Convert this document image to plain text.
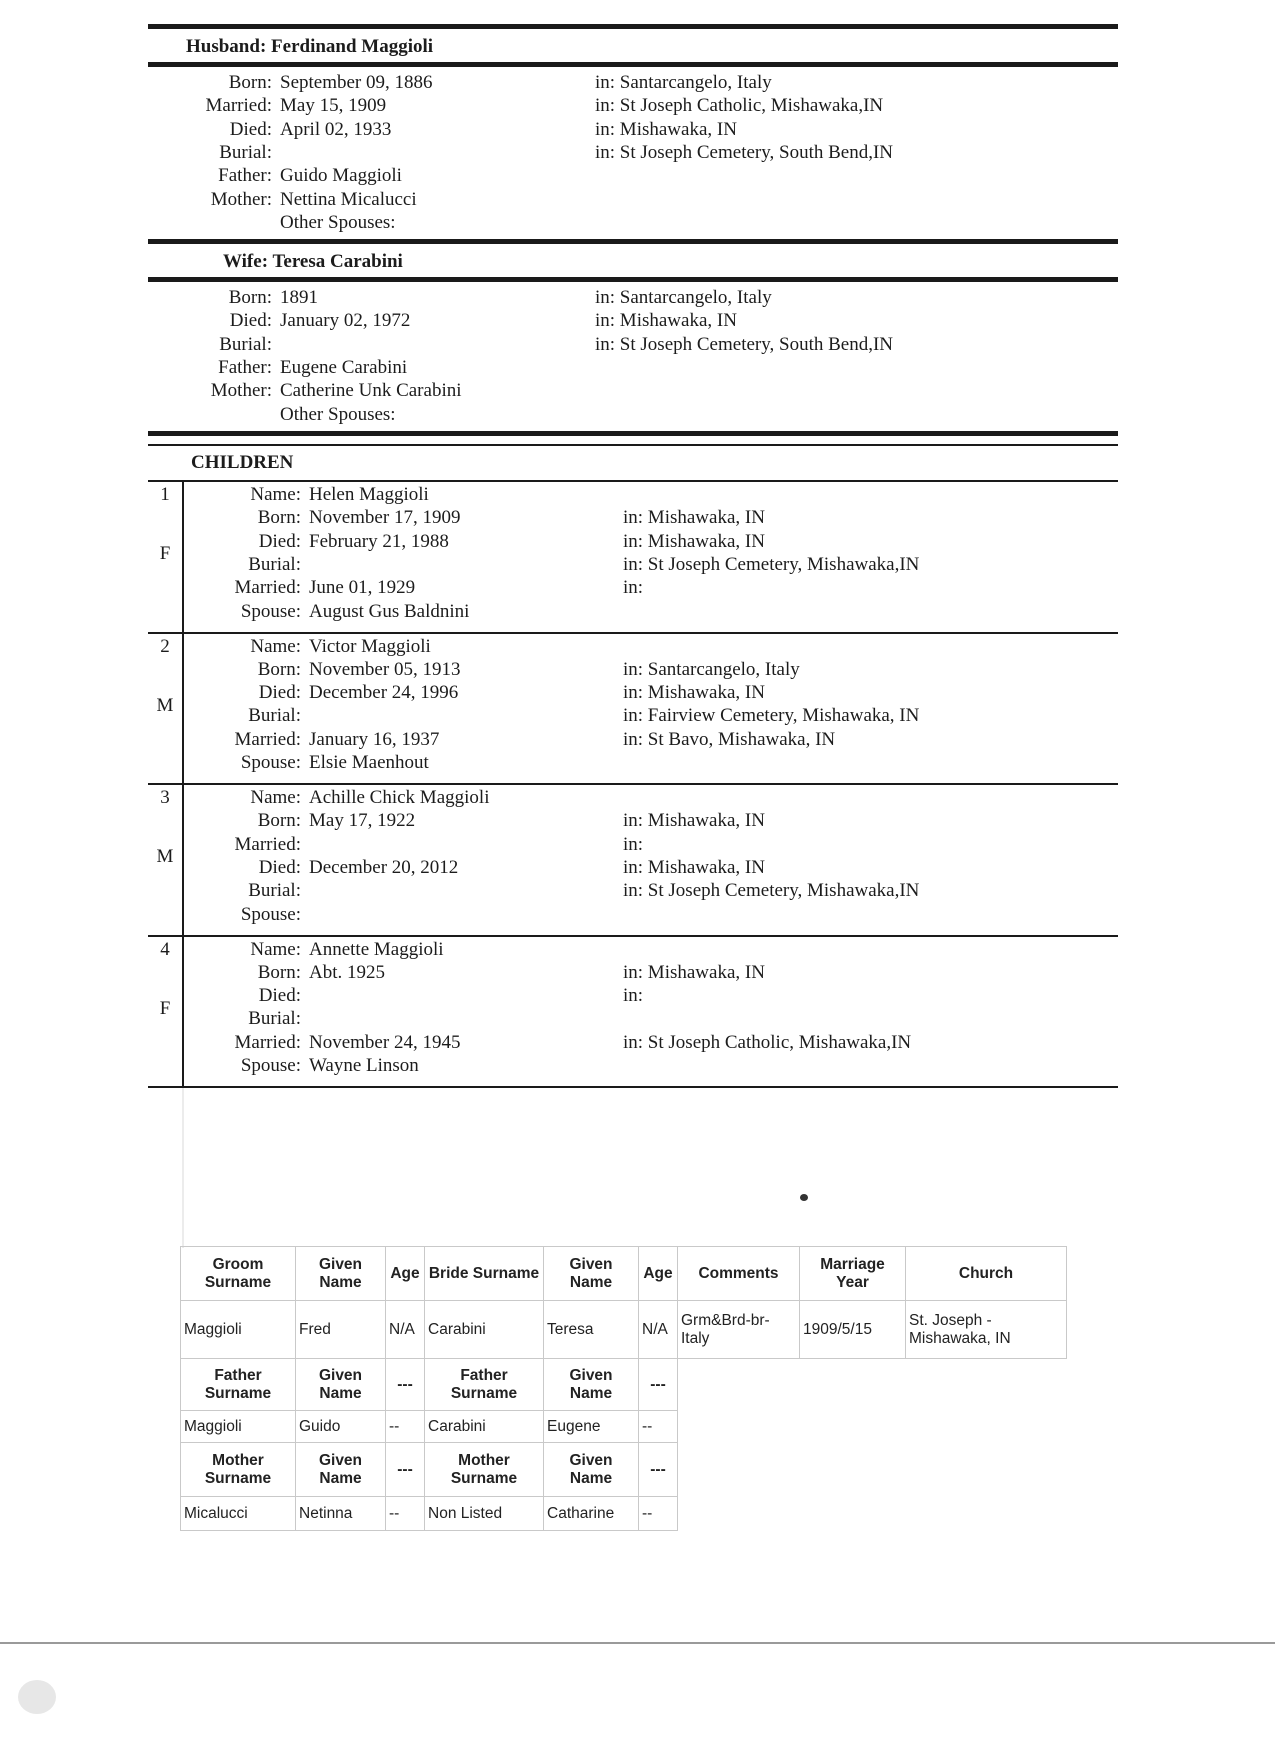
Husband: Ferdinand Maggioli
Born: September 09, 1886	in: Santarcangelo, Italy
Married: May 15, 1909	in: St Joseph Catholic, Mishawaka,IN
Died: April 02, 1933	in: Mishawaka, IN
Burial:	in: St Joseph Cemetery, South Bend,IN
Father: Guido Maggioli
Mother: Nettina Micalucci
Other Spouses:
Wife: Teresa Carabini
Born: 1891	in: Santarcangelo, Italy
Died: January 02, 1972	in: Mishawaka, IN
Burial:	in: St Joseph Cemetery, South Bend,IN
Father: Eugene Carabini
Mother: Catherine Unk Carabini
Other Spouses:
CHILDREN
1
F
Name: Helen Maggioli
Born: November 17, 1909	in: Mishawaka, IN
Died: February 21, 1988	in: Mishawaka, IN
Burial:	in: St Joseph Cemetery, Mishawaka,IN
Married: June 01, 1929	in:
Spouse: August Gus Baldnini
2
M
Name: Victor Maggioli
Born: November 05, 1913	in: Santarcangelo, Italy
Died: December 24, 1996	in: Mishawaka, IN
Burial:	in: Fairview Cemetery, Mishawaka, IN
Married: January 16, 1937	in: St Bavo, Mishawaka, IN
Spouse: Elsie Maenhout
3
M
Name: Achille Chick Maggioli
Born: May 17, 1922	in: Mishawaka, IN
Married:	in:
Died: December 20, 2012	in: Mishawaka, IN
Burial:	in: St Joseph Cemetery, Mishawaka,IN
Spouse:
4
F
Name: Annette Maggioli
Born: Abt. 1925	in: Mishawaka, IN
Died:	in:
Burial:
Married: November 24, 1945	in: St Joseph Catholic, Mishawaka,IN
Spouse: Wayne Linson
Groom Surname	Given Name	Age	Bride Surname	Given Name	Age	Comments	Marriage Year	Church
Maggioli	Fred	N/A	Carabini	Teresa	N/A	Grm&Brd-br-Italy	1909/5/15	St. Joseph - Mishawaka, IN
Father Surname	Given Name	---	Father Surname	Given Name	---			
Maggioli	Guido	--	Carabini	Eugene	--			
Mother Surname	Given Name	---	Mother Surname	Given Name	---			
Micalucci	Netinna	--	Non Listed	Catharine	--			
